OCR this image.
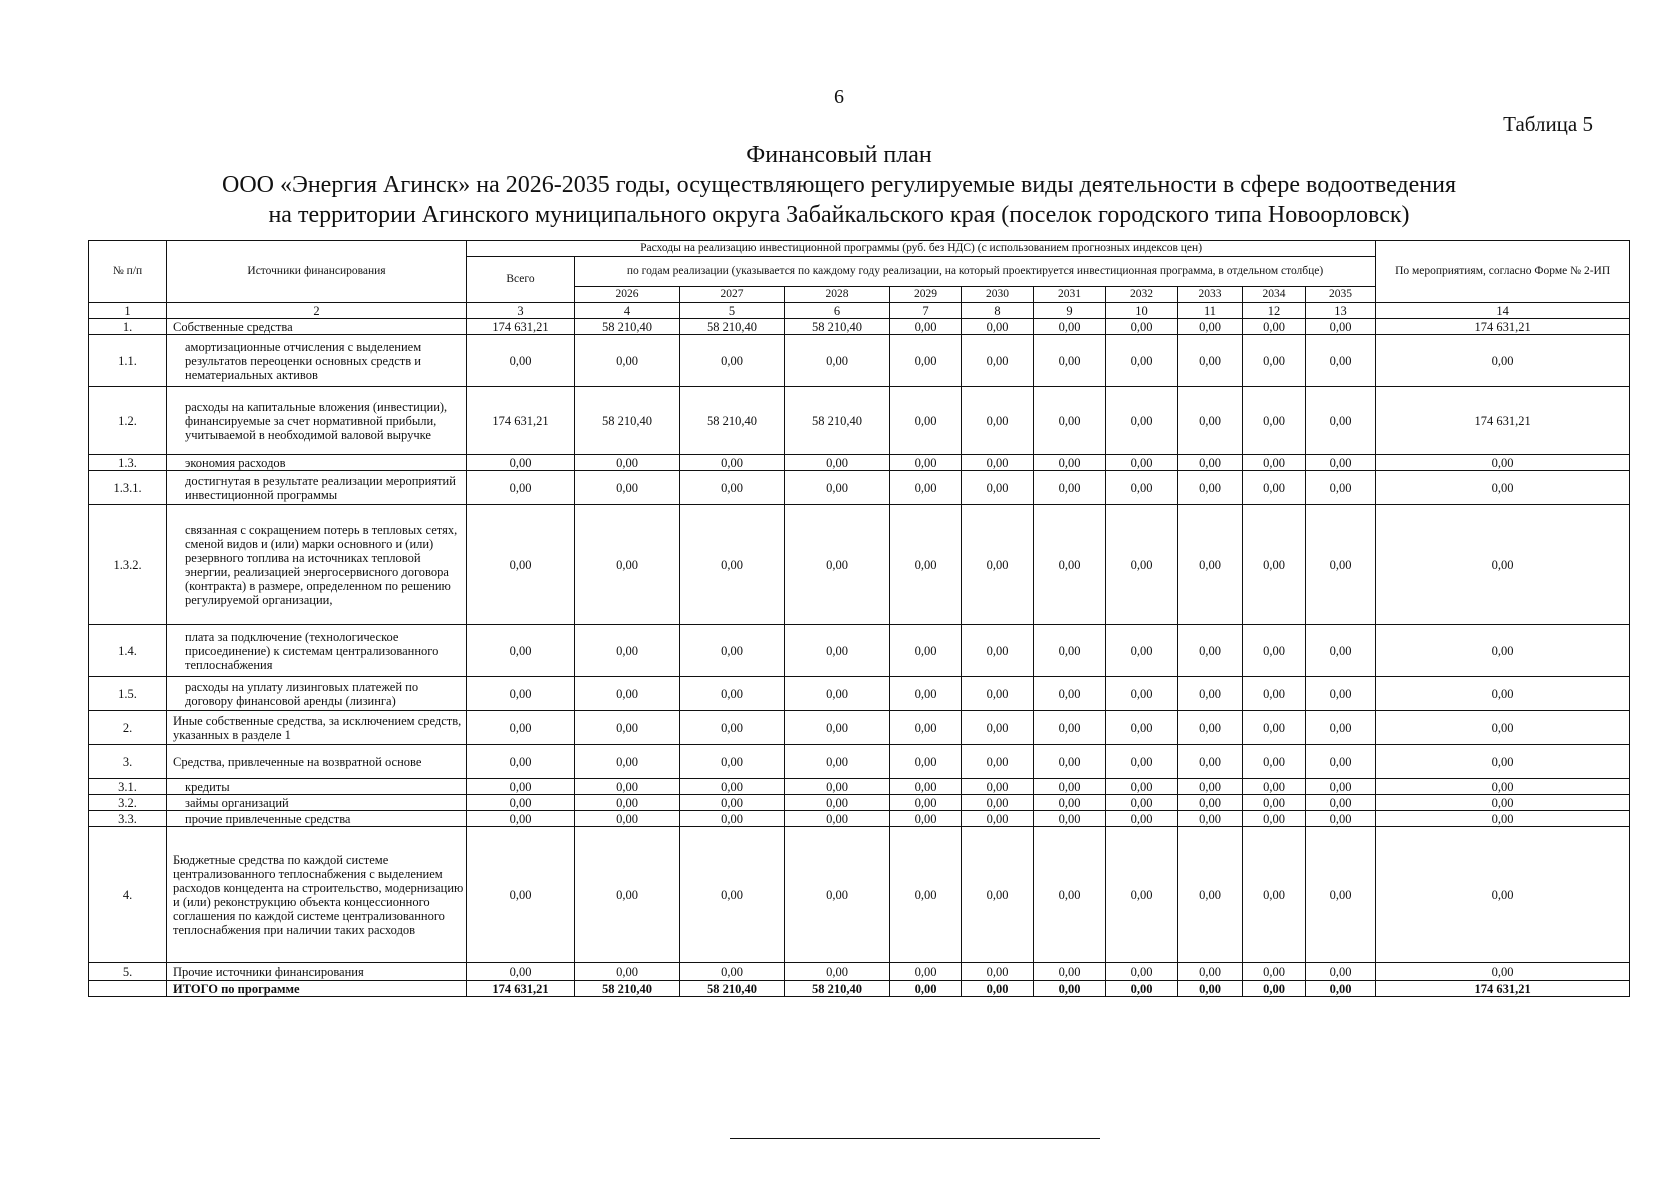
6
Таблица 5
Финансовый план
ООО «Энергия Агинск» на 2026-2035 годы, осуществляющего регулируемые виды деятельности в сфере водоотведения
на территории Агинского муниципального округа Забайкальского края (поселок городского типа Новоорловск)
№ п/п	Источники финансирования	Расходы на реализацию инвестиционной программы (руб. без НДС) (с использованием прогнозных индексов цен)											По мероприятиям, согласно Форме № 2-ИП
		Всего	по годам реализации (указывается по каждому году реализации, на который проектируется инвестиционная программа, в отдельном столбце)										
			2026	2027	2028	2029	2030	2031	2032	2033	2034	2035	
1	2	3	4	5	6	7	8	9	10	11	12	13	14
1.	Собственные средства	174 631,21	58 210,40	58 210,40	58 210,40	0,00	0,00	0,00	0,00	0,00	0,00	0,00	174 631,21
1.1.	амортизационные отчисления с выделением результатов переоценки основных средств и нематериальных активов	0,00	0,00	0,00	0,00	0,00	0,00	0,00	0,00	0,00	0,00	0,00	0,00
1.2.	расходы на капитальные вложения (инвестиции), финансируемые за счет нормативной прибыли, учитываемой в необходимой валовой выручке	174 631,21	58 210,40	58 210,40	58 210,40	0,00	0,00	0,00	0,00	0,00	0,00	0,00	174 631,21
1.3.	экономия расходов	0,00	0,00	0,00	0,00	0,00	0,00	0,00	0,00	0,00	0,00	0,00	0,00
1.3.1.	достигнутая в результате реализации мероприятий инвестиционной программы	0,00	0,00	0,00	0,00	0,00	0,00	0,00	0,00	0,00	0,00	0,00	0,00
1.3.2.	связанная с сокращением потерь в тепловых сетях, сменой видов и (или) марки основного и (или) резервного топлива на источниках тепловой энергии, реализацией энергосервисного договора (контракта) в размере, определенном по решению регулируемой организации,	0,00	0,00	0,00	0,00	0,00	0,00	0,00	0,00	0,00	0,00	0,00	0,00
1.4.	плата за подключение (технологическое присоединение) к системам централизованного теплоснабжения	0,00	0,00	0,00	0,00	0,00	0,00	0,00	0,00	0,00	0,00	0,00	0,00
1.5.	расходы на уплату лизинговых платежей по договору финансовой аренды (лизинга)	0,00	0,00	0,00	0,00	0,00	0,00	0,00	0,00	0,00	0,00	0,00	0,00
2.	Иные собственные средства, за исключением средств, указанных в разделе 1	0,00	0,00	0,00	0,00	0,00	0,00	0,00	0,00	0,00	0,00	0,00	0,00
3.	Средства, привлеченные на возвратной основе	0,00	0,00	0,00	0,00	0,00	0,00	0,00	0,00	0,00	0,00	0,00	0,00
3.1.	кредиты	0,00	0,00	0,00	0,00	0,00	0,00	0,00	0,00	0,00	0,00	0,00	0,00
3.2.	займы организаций	0,00	0,00	0,00	0,00	0,00	0,00	0,00	0,00	0,00	0,00	0,00	0,00
3.3.	прочие привлеченные средства	0,00	0,00	0,00	0,00	0,00	0,00	0,00	0,00	0,00	0,00	0,00	0,00
4.	Бюджетные средства по каждой системе централизованного теплоснабжения с выделением расходов концедента на строительство, модернизацию и (или) реконструкцию объекта концессионного соглашения по каждой системе централизованного теплоснабжения при наличии таких расходов	0,00	0,00	0,00	0,00	0,00	0,00	0,00	0,00	0,00	0,00	0,00	0,00
5.	Прочие источники финансирования	0,00	0,00	0,00	0,00	0,00	0,00	0,00	0,00	0,00	0,00	0,00	0,00
	ИТОГО по программе	174 631,21	58 210,40	58 210,40	58 210,40	0,00	0,00	0,00	0,00	0,00	0,00	0,00	174 631,21
